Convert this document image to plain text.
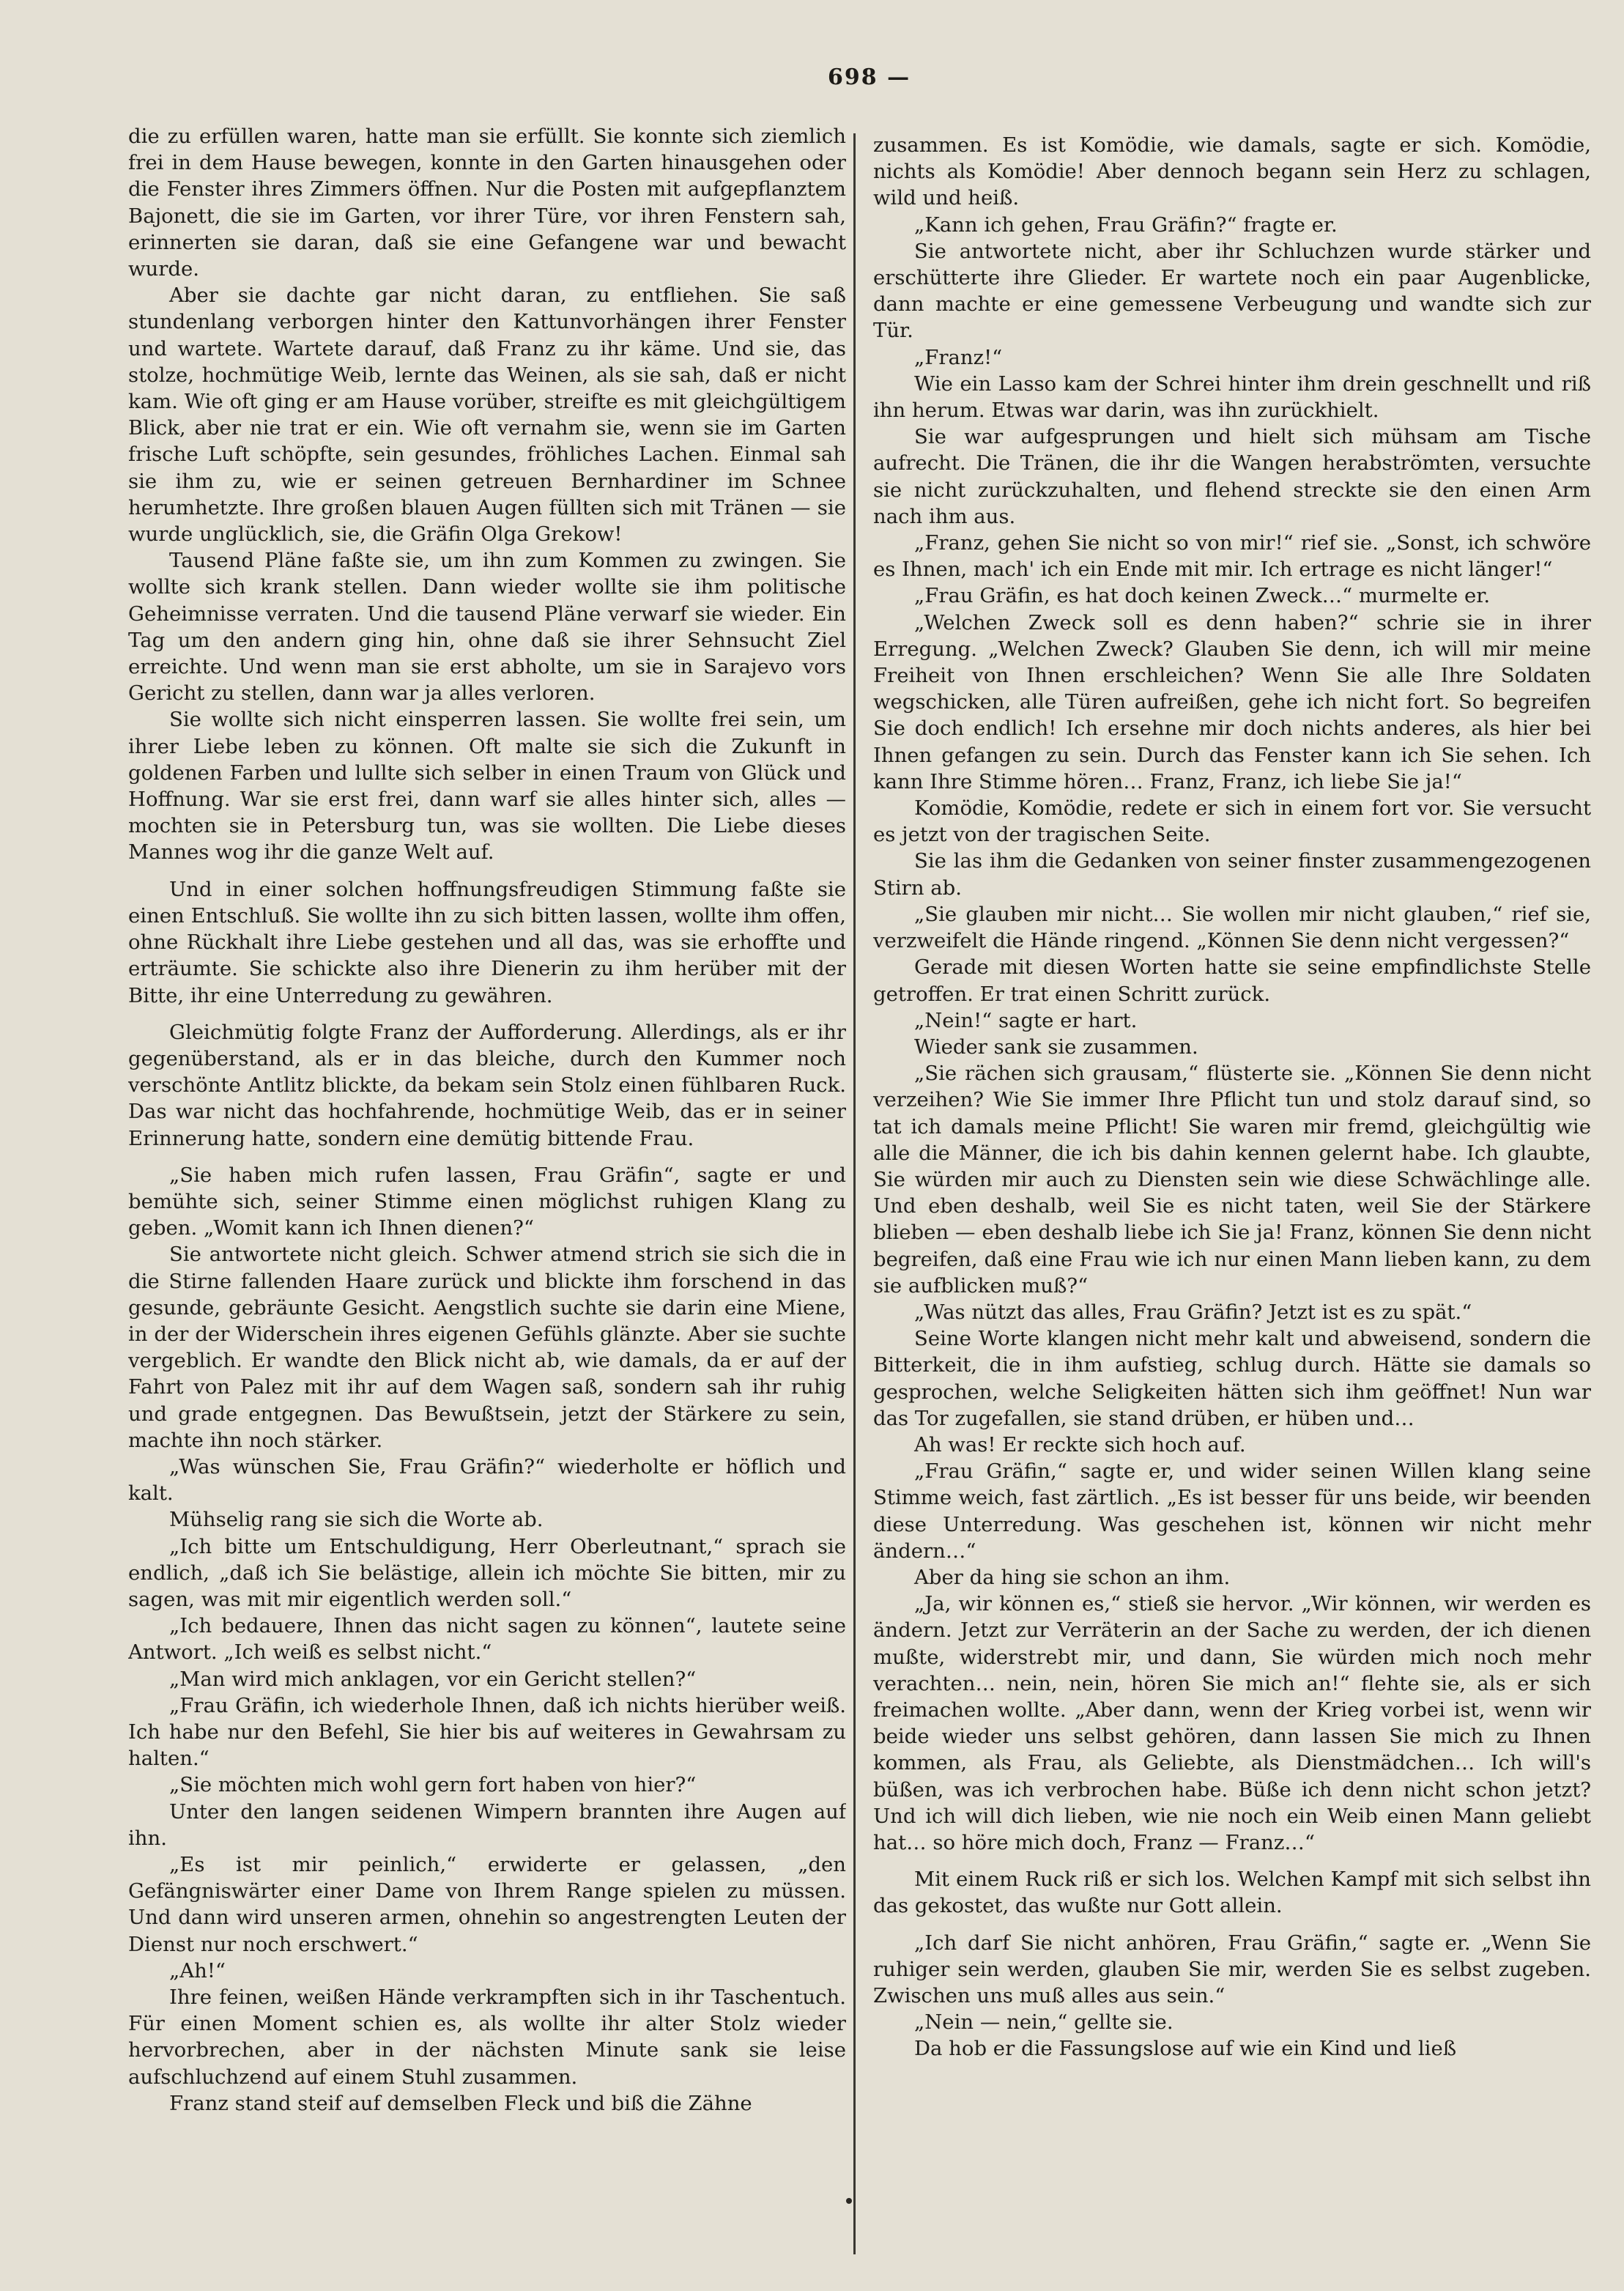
698 —

die zu erfüllen waren, hatte man sie erfüllt. Sie konnte sich ziemlich frei in dem Hause bewegen, konnte in den Garten hinausgehen oder die Fenster ihres Zimmers öffnen. Nur die Posten mit aufgepflanztem Bajonett, die sie im Garten, vor ihrer Türe, vor ihren Fenstern sah, erinnerten sie daran, daß sie eine Gefangene war und bewacht wurde.

Aber sie dachte gar nicht daran, zu entfliehen. Sie saß stundenlang verborgen hinter den Kattunvorhängen ihrer Fenster und wartete. Wartete darauf, daß Franz zu ihr käme. Und sie, das stolze, hochmütige Weib, lernte das Weinen, als sie sah, daß er nicht kam. Wie oft ging er am Hause vorüber, streifte es mit gleichgültigem Blick, aber nie trat er ein. Wie oft vernahm sie, wenn sie im Garten frische Luft schöpfte, sein gesundes, fröhliches Lachen. Einmal sah sie ihm zu, wie er seinen getreuen Bernhardiner im Schnee herumhetzte. Ihre großen blauen Augen füllten sich mit Tränen — sie wurde unglücklich, sie, die Gräfin Olga Grekow!

Tausend Pläne faßte sie, um ihn zum Kommen zu zwingen. Sie wollte sich krank stellen. Dann wieder wollte sie ihm politische Geheimnisse verraten. Und die tausend Pläne verwarf sie wieder. Ein Tag um den andern ging hin, ohne daß sie ihrer Sehnsucht Ziel erreichte. Und wenn man sie erst abholte, um sie in Sarajevo vors Gericht zu stellen, dann war ja alles verloren.

Sie wollte sich nicht einsperren lassen. Sie wollte frei sein, um ihrer Liebe leben zu können. Oft malte sie sich die Zukunft in goldenen Farben und lullte sich selber in einen Traum von Glück und Hoffnung. War sie erst frei, dann warf sie alles hinter sich, alles — mochten sie in Petersburg tun, was sie wollten. Die Liebe dieses Mannes wog ihr die ganze Welt auf.

Und in einer solchen hoffnungsfreudigen Stimmung faßte sie einen Entschluß. Sie wollte ihn zu sich bitten lassen, wollte ihm offen, ohne Rückhalt ihre Liebe gestehen und all das, was sie erhoffte und erträumte. Sie schickte also ihre Dienerin zu ihm herüber mit der Bitte, ihr eine Unterredung zu gewähren.

Gleichmütig folgte Franz der Aufforderung. Allerdings, als er ihr gegenüberstand, als er in das bleiche, durch den Kummer noch verschönte Antlitz blickte, da bekam sein Stolz einen fühlbaren Ruck. Das war nicht das hochfahrende, hochmütige Weib, das er in seiner Erinnerung hatte, sondern eine demütig bittende Frau.

„Sie haben mich rufen lassen, Frau Gräfin“, sagte er und bemühte sich, seiner Stimme einen möglichst ruhigen Klang zu geben. „Womit kann ich Ihnen dienen?“

Sie antwortete nicht gleich. Schwer atmend strich sie sich die in die Stirne fallenden Haare zurück und blickte ihm forschend in das gesunde, gebräunte Gesicht. Aengstlich suchte sie darin eine Miene, in der der Widerschein ihres eigenen Gefühls glänzte. Aber sie suchte vergeblich. Er wandte den Blick nicht ab, wie damals, da er auf der Fahrt von Palez mit ihr auf dem Wagen saß, sondern sah ihr ruhig und grade entgegnen. Das Bewußtsein, jetzt der Stärkere zu sein, machte ihn noch stärker.

„Was wünschen Sie, Frau Gräfin?“ wiederholte er höflich und kalt.

Mühselig rang sie sich die Worte ab.

„Ich bitte um Entschuldigung, Herr Oberleutnant,“ sprach sie endlich, „daß ich Sie belästige, allein ich möchte Sie bitten, mir zu sagen, was mit mir eigentlich werden soll.“

„Ich bedauere, Ihnen das nicht sagen zu können“, lautete seine Antwort. „Ich weiß es selbst nicht.“

„Man wird mich anklagen, vor ein Gericht stellen?“

„Frau Gräfin, ich wiederhole Ihnen, daß ich nichts hierüber weiß. Ich habe nur den Befehl, Sie hier bis auf weiteres in Gewahrsam zu halten.“

„Sie möchten mich wohl gern fort haben von hier?“

Unter den langen seidenen Wimpern brannten ihre Augen auf ihn.

„Es ist mir peinlich,“ erwiderte er gelassen, „den Gefängniswärter einer Dame von Ihrem Range spielen zu müssen. Und dann wird unseren armen, ohnehin so angestrengten Leuten der Dienst nur noch erschwert.“

„Ah!“

Ihre feinen, weißen Hände verkrampften sich in ihr Taschentuch. Für einen Moment schien es, als wollte ihr alter Stolz wieder hervorbrechen, aber in der nächsten Minute sank sie leise aufschluchzend auf einem Stuhl zusammen.

Franz stand steif auf demselben Fleck und biß die Zähne

zusammen. Es ist Komödie, wie damals, sagte er sich. Komödie, nichts als Komödie! Aber dennoch begann sein Herz zu schlagen, wild und heiß.

„Kann ich gehen, Frau Gräfin?“ fragte er.

Sie antwortete nicht, aber ihr Schluchzen wurde stärker und erschütterte ihre Glieder. Er wartete noch ein paar Augenblicke, dann machte er eine gemessene Verbeugung und wandte sich zur Tür.

„Franz!“

Wie ein Lasso kam der Schrei hinter ihm drein geschnellt und riß ihn herum. Etwas war darin, was ihn zurückhielt.

Sie war aufgesprungen und hielt sich mühsam am Tische aufrecht. Die Tränen, die ihr die Wangen herabströmten, versuchte sie nicht zurückzuhalten, und flehend streckte sie den einen Arm nach ihm aus.

„Franz, gehen Sie nicht so von mir!“ rief sie. „Sonst, ich schwöre es Ihnen, mach' ich ein Ende mit mir. Ich ertrage es nicht länger!“

„Frau Gräfin, es hat doch keinen Zweck…“ murmelte er.

„Welchen Zweck soll es denn haben?“ schrie sie in ihrer Erregung. „Welchen Zweck? Glauben Sie denn, ich will mir meine Freiheit von Ihnen erschleichen? Wenn Sie alle Ihre Soldaten wegschicken, alle Türen aufreißen, gehe ich nicht fort. So begreifen Sie doch endlich! Ich ersehne mir doch nichts anderes, als hier bei Ihnen gefangen zu sein. Durch das Fenster kann ich Sie sehen. Ich kann Ihre Stimme hören… Franz, Franz, ich liebe Sie ja!“

Komödie, Komödie, redete er sich in einem fort vor. Sie versucht es jetzt von der tragischen Seite.

Sie las ihm die Gedanken von seiner finster zusammengezogenen Stirn ab.

„Sie glauben mir nicht… Sie wollen mir nicht glauben,“ rief sie, verzweifelt die Hände ringend. „Können Sie denn nicht vergessen?“

Gerade mit diesen Worten hatte sie seine empfindlichste Stelle getroffen. Er trat einen Schritt zurück.

„Nein!“ sagte er hart.

Wieder sank sie zusammen.

„Sie rächen sich grausam,“ flüsterte sie. „Können Sie denn nicht verzeihen? Wie Sie immer Ihre Pflicht tun und stolz darauf sind, so tat ich damals meine Pflicht! Sie waren mir fremd, gleichgültig wie alle die Männer, die ich bis dahin kennen gelernt habe. Ich glaubte, Sie würden mir auch zu Diensten sein wie diese Schwächlinge alle. Und eben deshalb, weil Sie es nicht taten, weil Sie der Stärkere blieben — eben deshalb liebe ich Sie ja! Franz, können Sie denn nicht begreifen, daß eine Frau wie ich nur einen Mann lieben kann, zu dem sie aufblicken muß?“

„Was nützt das alles, Frau Gräfin? Jetzt ist es zu spät.“

Seine Worte klangen nicht mehr kalt und abweisend, sondern die Bitterkeit, die in ihm aufstieg, schlug durch. Hätte sie damals so gesprochen, welche Seligkeiten hätten sich ihm geöffnet! Nun war das Tor zugefallen, sie stand drüben, er hüben und…

Ah was! Er reckte sich hoch auf.

„Frau Gräfin,“ sagte er, und wider seinen Willen klang seine Stimme weich, fast zärtlich. „Es ist besser für uns beide, wir beenden diese Unterredung. Was geschehen ist, können wir nicht mehr ändern…“

Aber da hing sie schon an ihm.

„Ja, wir können es,“ stieß sie hervor. „Wir können, wir werden es ändern. Jetzt zur Verräterin an der Sache zu werden, der ich dienen mußte, widerstrebt mir, und dann, Sie würden mich noch mehr verachten… nein, nein, hören Sie mich an!“ flehte sie, als er sich freimachen wollte. „Aber dann, wenn der Krieg vorbei ist, wenn wir beide wieder uns selbst gehören, dann lassen Sie mich zu Ihnen kommen, als Frau, als Geliebte, als Dienstmädchen… Ich will's büßen, was ich verbrochen habe. Büße ich denn nicht schon jetzt? Und ich will dich lieben, wie nie noch ein Weib einen Mann geliebt hat… so höre mich doch, Franz — Franz…“

Mit einem Ruck riß er sich los. Welchen Kampf mit sich selbst ihn das gekostet, das wußte nur Gott allein.

„Ich darf Sie nicht anhören, Frau Gräfin,“ sagte er. „Wenn Sie ruhiger sein werden, glauben Sie mir, werden Sie es selbst zugeben. Zwischen uns muß alles aus sein.“

„Nein — nein,“ gellte sie.

Da hob er die Fassungslose auf wie ein Kind und ließ
